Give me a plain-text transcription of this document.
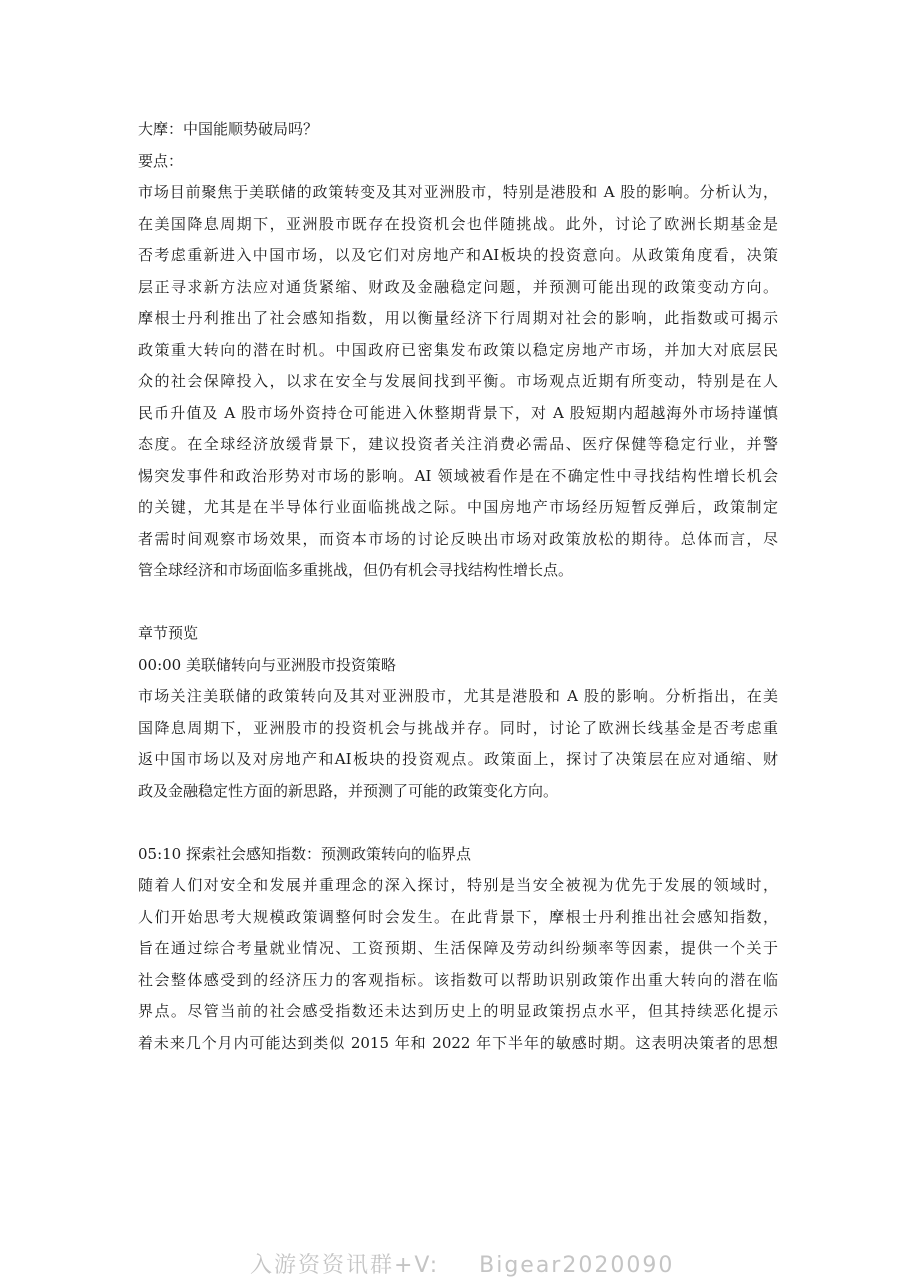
大摩：中国能顺势破局吗？
要点：
市场目前聚焦于美联储的政策转变及其对亚洲股市，特别是港股和 A 股的影响。分析认为，
在美国降息周期下，亚洲股市既存在投资机会也伴随挑战。此外，讨论了欧洲长期基金是
否考虑重新进入中国市场，以及它们对房地产和AI板块的投资意向。从政策角度看，决策
层正寻求新方法应对通货紧缩、财政及金融稳定问题，并预测可能出现的政策变动方向。
摩根士丹利推出了社会感知指数，用以衡量经济下行周期对社会的影响，此指数或可揭示
政策重大转向的潜在时机。中国政府已密集发布政策以稳定房地产市场，并加大对底层民
众的社会保障投入，以求在安全与发展间找到平衡。市场观点近期有所变动，特别是在人
民币升值及 A 股市场外资持仓可能进入休整期背景下，对 A 股短期内超越海外市场持谨慎
态度。在全球经济放缓背景下，建议投资者关注消费必需品、医疗保健等稳定行业，并警
惕突发事件和政治形势对市场的影响。AI 领域被看作是在不确定性中寻找结构性增长机会
的关键，尤其是在半导体行业面临挑战之际。中国房地产市场经历短暂反弹后，政策制定
者需时间观察市场效果，而资本市场的讨论反映出市场对政策放松的期待。总体而言，尽
管全球经济和市场面临多重挑战，但仍有机会寻找结构性增长点。
章节预览
00:00 美联储转向与亚洲股市投资策略
市场关注美联储的政策转向及其对亚洲股市，尤其是港股和 A 股的影响。分析指出，在美
国降息周期下，亚洲股市的投资机会与挑战并存。同时，讨论了欧洲长线基金是否考虑重
返中国市场以及对房地产和AI板块的投资观点。政策面上，探讨了决策层在应对通缩、财
政及金融稳定性方面的新思路，并预测了可能的政策变化方向。
05:10 探索社会感知指数：预测政策转向的临界点
随着人们对安全和发展并重理念的深入探讨，特别是当安全被视为优先于发展的领域时，
人们开始思考大规模政策调整何时会发生。在此背景下，摩根士丹利推出社会感知指数，
旨在通过综合考量就业情况、工资预期、生活保障及劳动纠纷频率等因素，提供一个关于
社会整体感受到的经济压力的客观指标。该指数可以帮助识别政策作出重大转向的潜在临
界点。尽管当前的社会感受指数还未达到历史上的明显政策拐点水平，但其持续恶化提示
着未来几个月内可能达到类似 2015 年和 2022 年下半年的敏感时期。这表明决策者的思想
入游资资讯群+V: Bigear2020090
